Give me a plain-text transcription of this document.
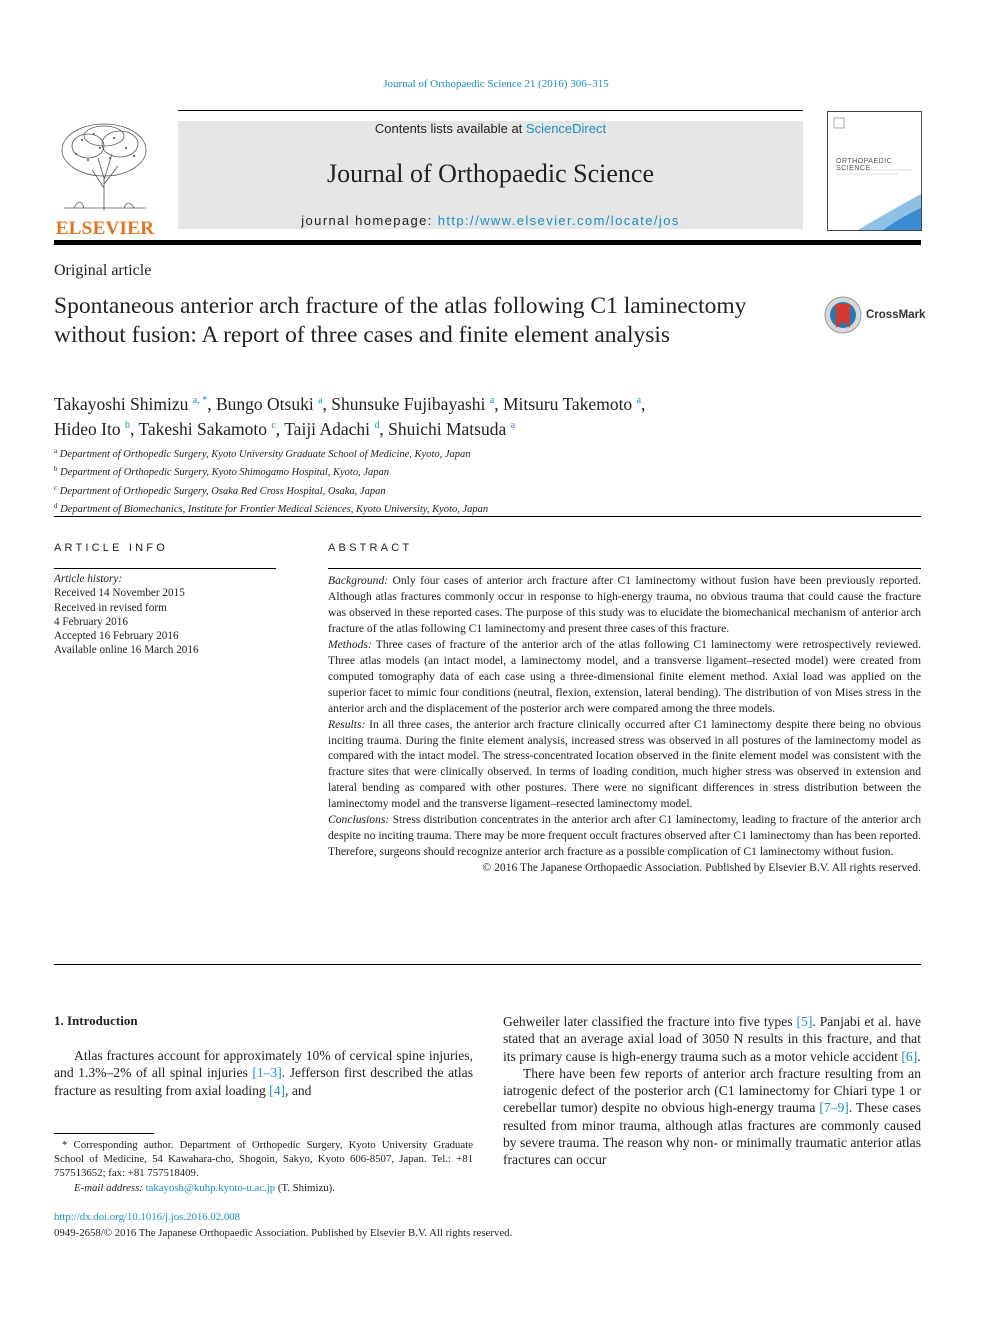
Journal of Orthopaedic Science 21 (2016) 306–315
ELSEVIER
Contents lists available at ScienceDirect
Journal of Orthopaedic Science
journal homepage: http://www.elsevier.com/locate/jos
ORTHOPAEDIC SCIENCE
Original article
Spontaneous anterior arch fracture of the atlas following C1 laminectomy without fusion: A report of three cases and finite element analysis
CrossMark
Takayoshi Shimizu $^{a, *}$, Bungo Otsuki $^a$, Shunsuke Fujibayashi $^a$, Mitsuru Takemoto $^a$,
Hideo Ito $^b$, Takeshi Sakamoto $^c$, Taiji Adachi $^d$, Shuichi Matsuda $^a$
$^a$ Department of Orthopedic Surgery, Kyoto University Graduate School of Medicine, Kyoto, Japan
$^b$ Department of Orthopedic Surgery, Kyoto Shimogamo Hospital, Kyoto, Japan
$^c$ Department of Orthopedic Surgery, Osaka Red Cross Hospital, Osaka, Japan
$^d$ Department of Biomechanics, Institute for Frontier Medical Sciences, Kyoto University, Kyoto, Japan
ARTICLE INFO
Article history:
Received 14 November 2015
Received in revised form
4 February 2016
Accepted 16 February 2016
Available online 16 March 2016
ABSTRACT
Background: Only four cases of anterior arch fracture after C1 laminectomy without fusion have been previously reported. Although atlas fractures commonly occur in response to high-energy trauma, no obvious trauma that could cause the fracture was observed in these reported cases. The purpose of this study was to elucidate the biomechanical mechanism of anterior arch fracture of the atlas following C1 laminectomy and present three cases of this fracture.
Methods: Three cases of fracture of the anterior arch of the atlas following C1 laminectomy were retrospectively reviewed. Three atlas models (an intact model, a laminectomy model, and a transverse ligament–resected model) were created from computed tomography data of each case using a three-dimensional finite element method. Axial load was applied on the superior facet to mimic four conditions (neutral, flexion, extension, lateral bending). The distribution of von Mises stress in the anterior arch and the displacement of the posterior arch were compared among the three models.
Results: In all three cases, the anterior arch fracture clinically occurred after C1 laminectomy despite there being no obvious inciting trauma. During the finite element analysis, increased stress was observed in all postures of the laminectomy model as compared with the intact model. The stress-concentrated location observed in the finite element model was consistent with the fracture sites that were clinically observed. In terms of loading condition, much higher stress was observed in extension and lateral bending as compared with other postures. There were no significant differences in stress distribution between the laminectomy model and the transverse ligament–resected laminectomy model.
Conclusions: Stress distribution concentrates in the anterior arch after C1 laminectomy, leading to fracture of the anterior arch despite no inciting trauma. There may be more frequent occult fractures observed after C1 laminectomy than has been reported. Therefore, surgeons should recognize anterior arch fracture as a possible complication of C1 laminectomy without fusion.
© 2016 The Japanese Orthopaedic Association. Published by Elsevier B.V. All rights reserved.
1. Introduction

Atlas fractures account for approximately 10% of cervical spine injuries, and 1.3%–2% of all spinal injuries [1–3]. Jefferson first described the atlas fracture as resulting from axial loading [4], and

Gehweiler later classified the fracture into five types [5]. Panjabi et al. have stated that an average axial load of 3050 N results in this fracture, and that its primary cause is high-energy trauma such as a motor vehicle accident [6].

There have been few reports of anterior arch fracture resulting from an iatrogenic defect of the posterior arch (C1 laminectomy for Chiari type 1 or cerebellar tumor) despite no obvious high-energy trauma [7–9]. These cases resulted from minor trauma, although atlas fractures are commonly caused by severe trauma. The reason why non- or minimally traumatic anterior atlas fractures can occur

* Corresponding author. Department of Orthopedic Surgery, Kyoto University Graduate School of Medicine, 54 Kawahara-cho, Shogoin, Sakyo, Kyoto 606-8507, Japan. Tel.: +81 757513652; fax: +81 757518409.
E-mail address: takayosh@kuhp.kyoto-u.ac.jp (T. Shimizu).
http://dx.doi.org/10.1016/j.jos.2016.02.008
0949-2658/© 2016 The Japanese Orthopaedic Association. Published by Elsevier B.V. All rights reserved.
